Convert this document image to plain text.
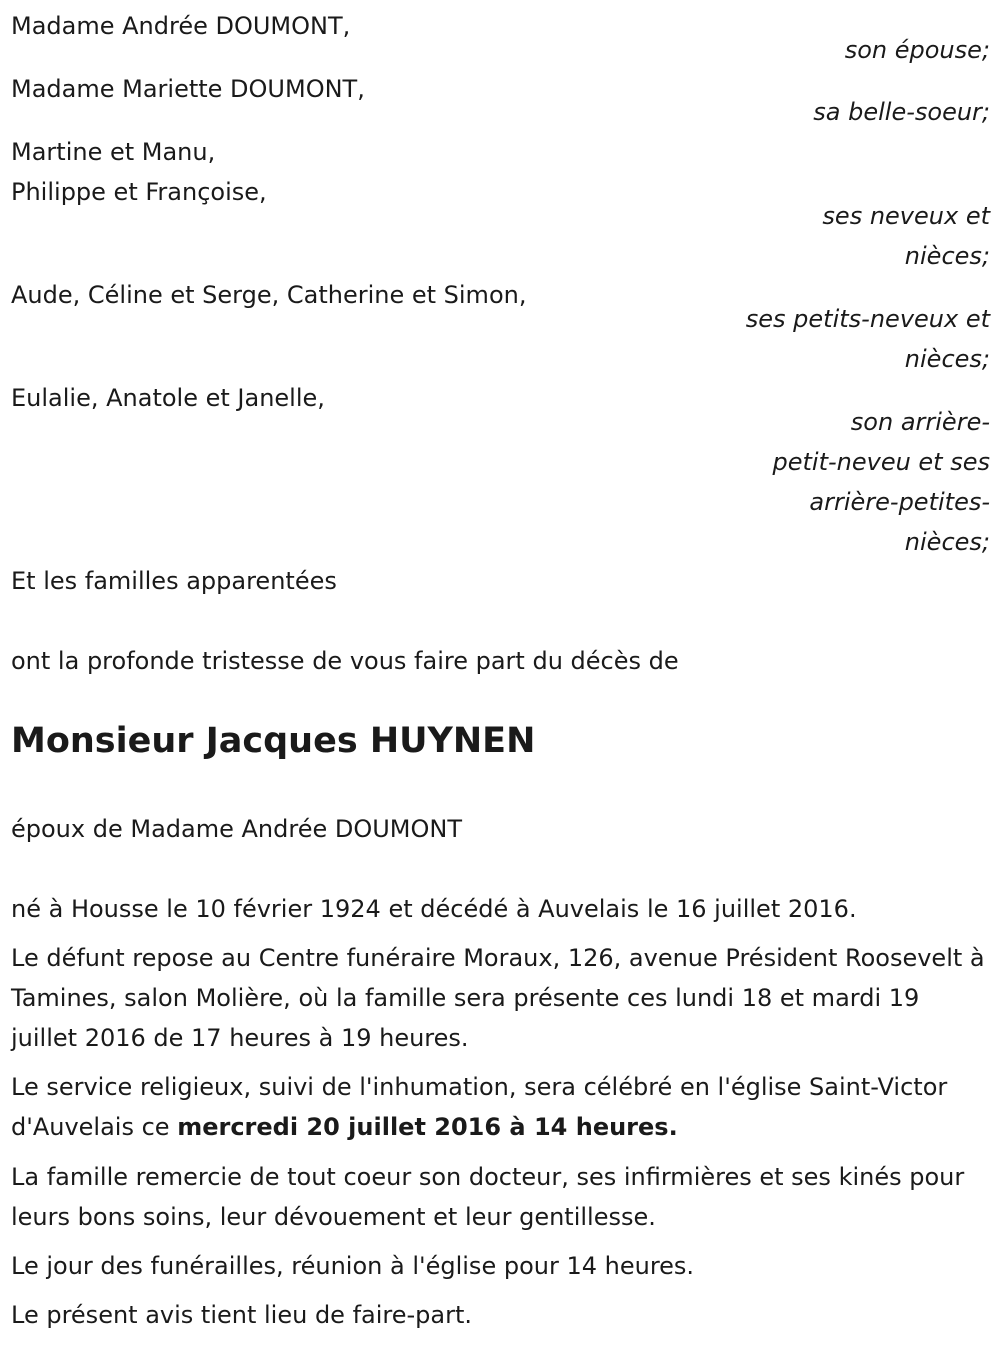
Madame Andrée DOUMONT,
son épouse;
Madame Mariette DOUMONT,
sa belle-soeur;
Martine et Manu,
Philippe et Françoise,
ses neveux et
nièces;
Aude, Céline et Serge, Catherine et Simon,
ses petits-neveux et
nièces;
Eulalie, Anatole et Janelle,
son arrière-
petit-neveu et ses
arrière-petites-
nièces;
Et les familles apparentées
ont la profonde tristesse de vous faire part du décès de
Monsieur Jacques HUYNEN
époux de Madame Andrée DOUMONT
né à Housse le 10 février 1924 et décédé à Auvelais le 16 juillet 2016.
Le défunt repose au Centre funéraire Moraux, 126, avenue Président Roosevelt à Tamines, salon Molière, où la famille sera présente ces lundi 18 et mardi 19 juillet 2016 de 17 heures à 19 heures.
Le service religieux, suivi de l'inhumation, sera célébré en l'église Saint-Victor d'Auvelais ce mercredi 20 juillet 2016 à 14 heures.
La famille remercie de tout coeur son docteur, ses infirmières et ses kinés pour leurs bons soins, leur dévouement et leur gentillesse.
Le jour des funérailles, réunion à l'église pour 14 heures.
Le présent avis tient lieu de faire-part.
